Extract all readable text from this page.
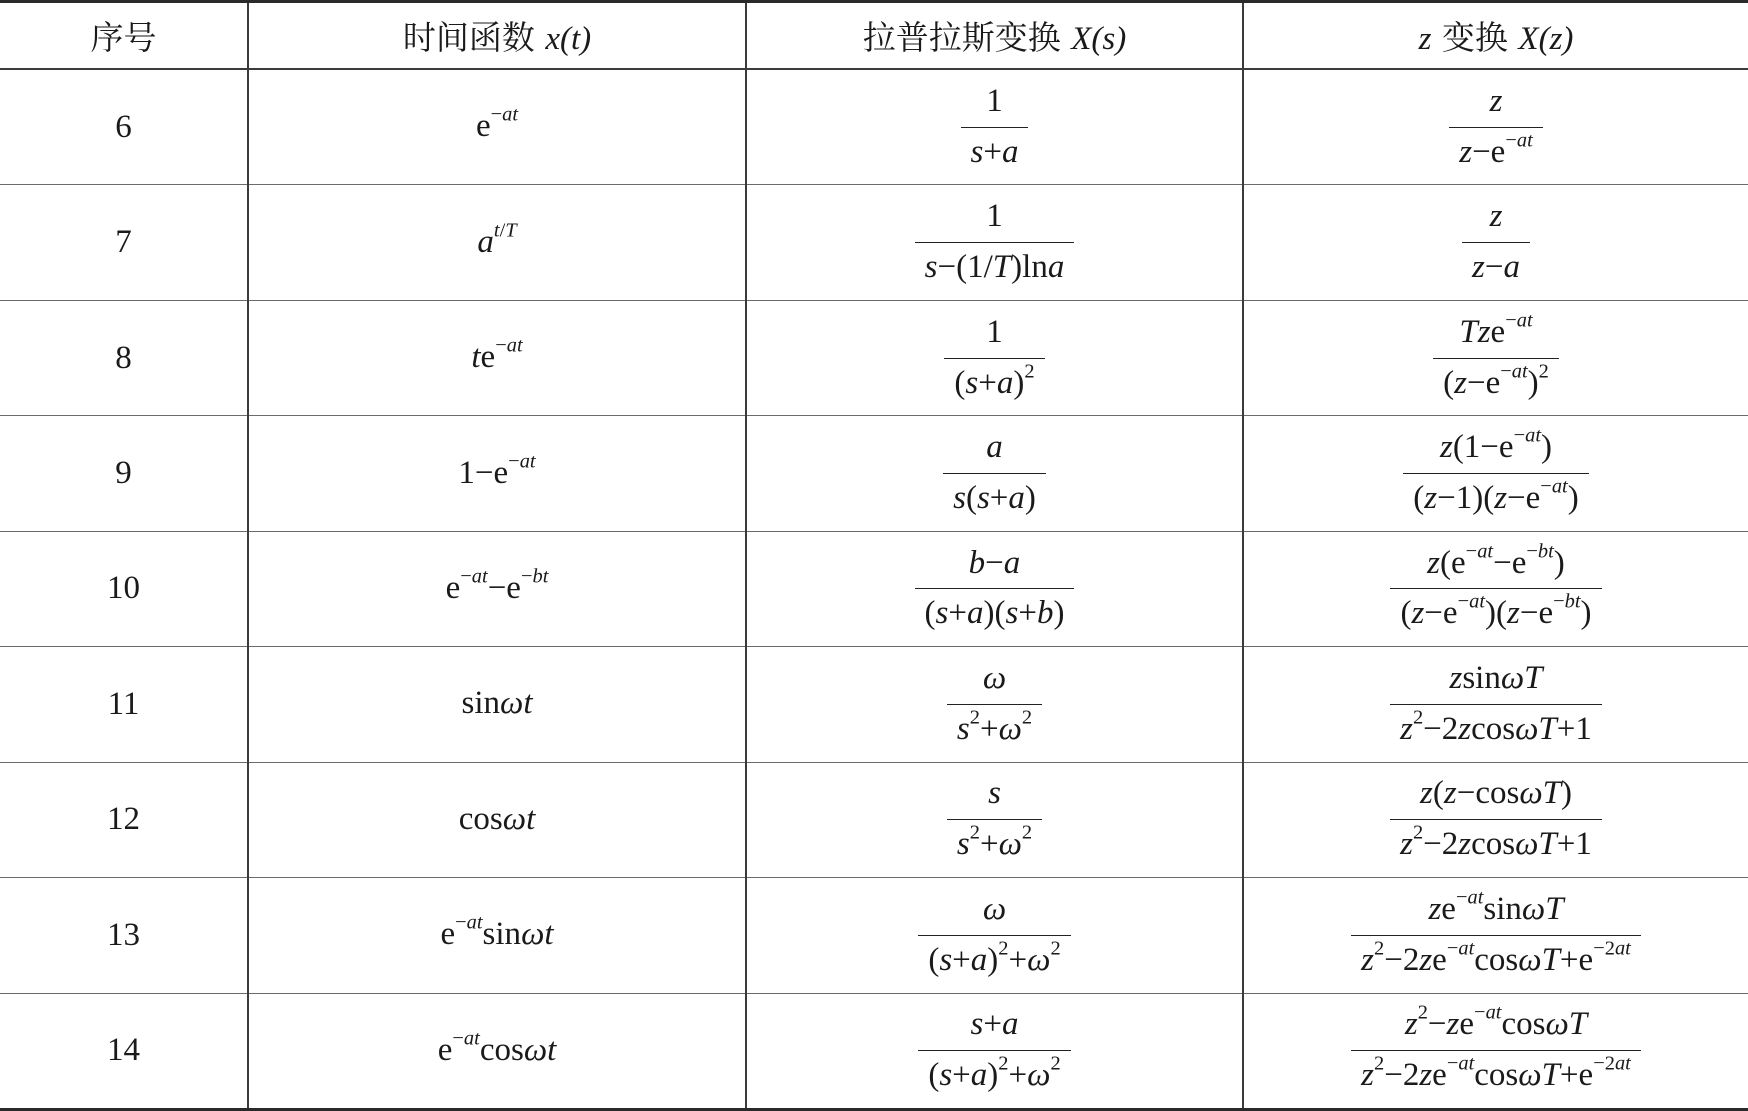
序号	时间函数 x(t)	拉普拉斯变换 X(s)	z 变换 X(z)
6	$e^{-at}$	$\frac{1}{s+a}$	$\frac{z}{z-e^{-at}}$

7	$a^{t/T}$	$\frac{1}{s-(1/T)\ln a}$	$\frac{z}{z-a}$

8	$te^{-at}$	$\frac{1}{(s+a)^2}$	$\frac{Tze^{-at}}{(z-e^{-at})^2}$

9	$1-e^{-at}$	$\frac{a}{s(s+a)}$	$\frac{z(1-e^{-at})}{(z-1)(z-e^{-at})}$

10	$e^{-at}-e^{-bt}$	$\frac{b-a}{(s+a)(s+b)}$	$\frac{z(e^{-at}-e^{-bt})}{(z-e^{-at})(z-e^{-bt})}$

11	sinωt	$\frac{\omega}{s^2+\omega^2}$	$\frac{zsin\omega T}{z^2-2zcos\omega T+1}$

12	cosωt	$\frac{s}{s^2+\omega^2}$	$\frac{z(z-\cos\omega T)}{z^2-2zcos\omega T+1}$

13	$e^{-at}\sin\omega t$	$\frac{\omega}{(s+a)^2+\omega^2}$	$\frac{ze^{-at}\sin\omega T}{z^2-2ze^{-at}\cos\omega T+e^{-2at}}$

14	$e^{-at}\cos\omega t$	$\frac{s+a}{(s+a)^2+\omega^2}$	$\frac{z^2-ze^{-at}\cos\omega T}{z^2-2ze^{-at}\cos\omega T+e^{-2at}}$
